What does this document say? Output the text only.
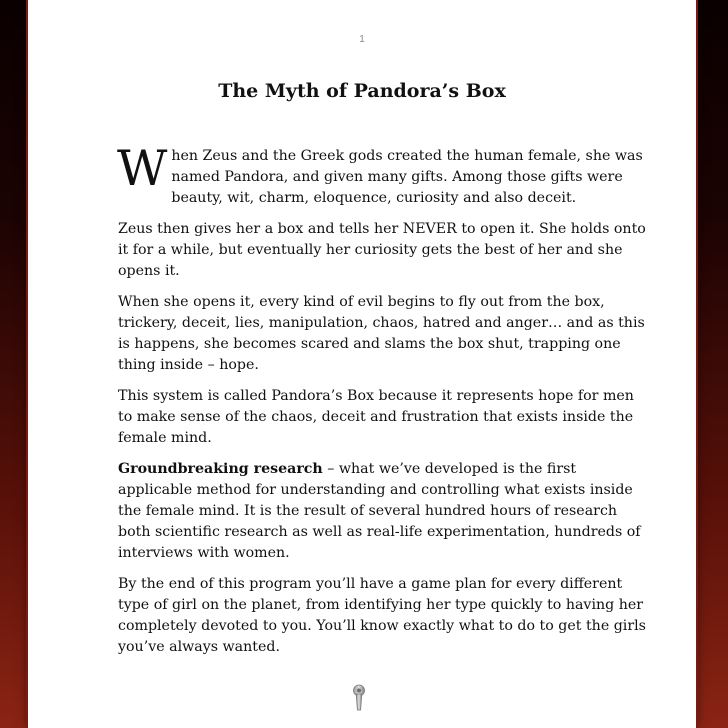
1
The Myth of Pandora’s Box

When Zeus and the Greek gods created the human female, she was named Pandora, and given many gifts. Among those gifts were beauty, wit, charm, eloquence, curiosity and also deceit.

Zeus then gives her a box and tells her NEVER to open it. She holds onto it for a while, but eventually her curiosity gets the best of her and she opens it.

When she opens it, every kind of evil begins to fly out from the box, trickery, deceit, lies, manipulation, chaos, hatred and anger… and as this is happens, she becomes scared and slams the box shut, trapping one thing inside – hope.

This system is called Pandora’s Box because it represents hope for men to make sense of the chaos, deceit and frustration that exists inside the female mind.

Groundbreaking research – what we’ve developed is the first applicable method for understanding and controlling what exists inside the female mind. It is the result of several hundred hours of research both scientific research as well as real-life experimentation, hundreds of interviews with women.

By the end of this program you’ll have a game plan for every different type of girl on the planet, from identifying her type quickly to having her completely devoted to you. You’ll know exactly what to do to get the girls you’ve always wanted.
